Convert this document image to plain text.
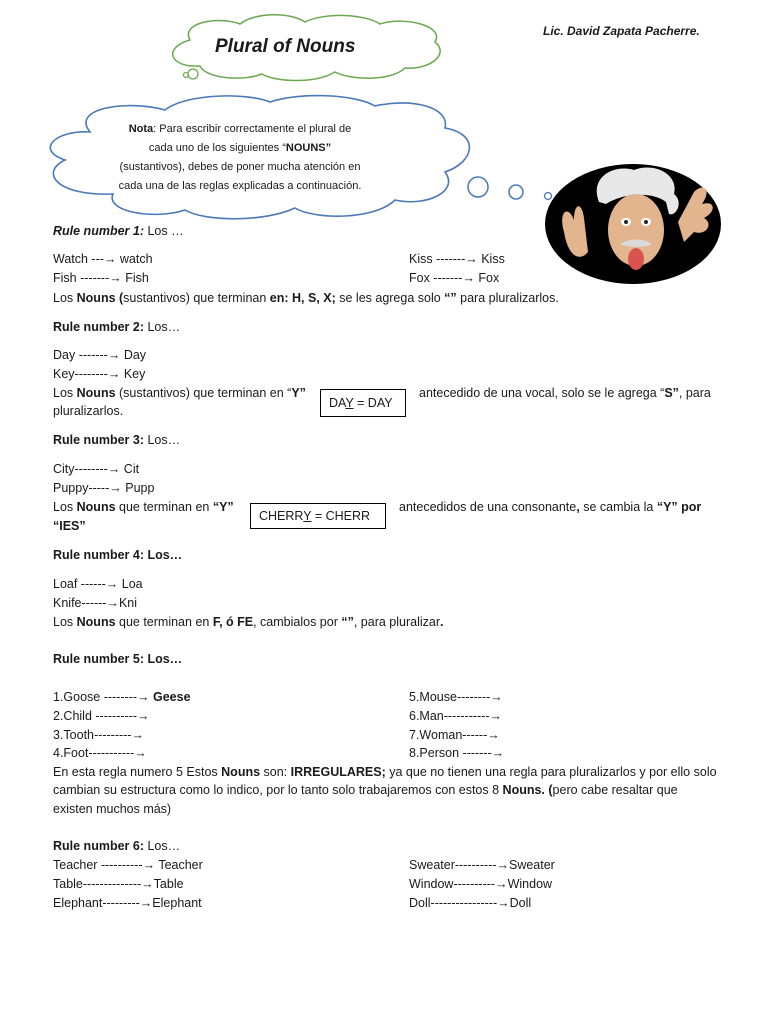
Lic. David Zapata Pacherre.
Plural of Nouns
Nota: Para escribir correctamente el plural de
cada uno de los siguientes “NOUNS”
(sustantivos), debes de poner mucha atención en
cada una de las reglas explicadas a continuación.
Rule number 1: Los …
Watch ---→ watch
Fish -------→ Fish
Kiss -------→ Kiss
Fox -------→ Fox
Los Nouns (sustantivos) que terminan en: H, S, X; se les agrega solo “” para pluralizarlos.
Rule number 2: Los…
Day -------→ Day
Key--------→ Key
Los Nouns (sustantivos) que terminan en “Y”
DAY = DAY
antecedido de una vocal, solo se le agrega “S”, para
pluralizarlos.
Rule number 3: Los…
City--------→ Cit
Puppy-----→ Pupp
Los Nouns que terminan en “Y”
CHERRY = CHERR
antecedidos de una consonante, se cambia la “Y” por
“IES”
Rule number 4: Los…
Loaf ------→ Loa
Knife------→Kni
Los Nouns que terminan en F, ó FE, cambialos por “”, para pluralizar.
Rule number 5: Los…
1.Goose --------→ Geese
2.Child ----------→
3.Tooth---------→
4.Foot-----------→
5.Mouse--------→
6.Man-----------→
7.Woman------→
8.Person -------→
En esta regla numero 5 Estos Nouns son: IRREGULARES; ya que no tienen una regla para pluralizarlos y por ello solo
cambian su estructura como lo indico, por lo tanto solo trabajaremos con estos 8 Nouns. (pero cabe resaltar que
existen muchos más)
Rule number 6: Los…
Teacher ----------→ Teacher
Table--------------→Table
Elephant---------→Elephant
Sweater----------→Sweater
Window----------→Window
Doll----------------→Doll
